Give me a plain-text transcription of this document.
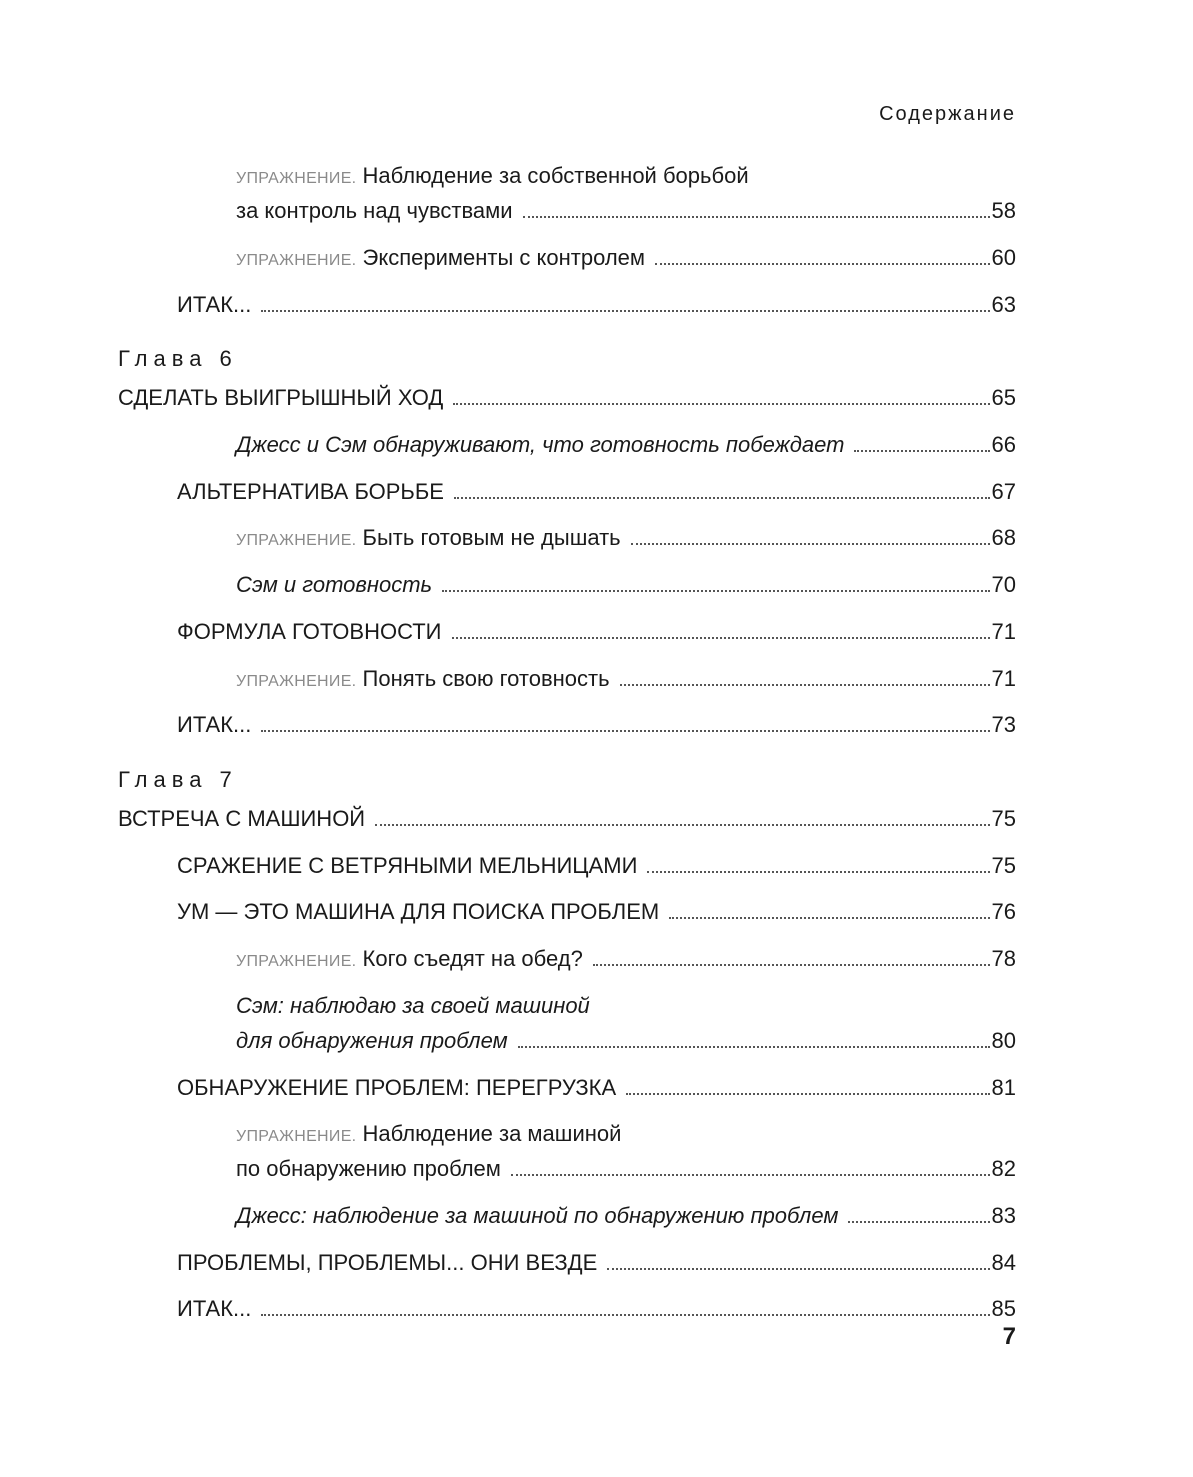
Содержание
УПРАЖНЕНИЕ. Наблюдение за собственной борьбой
за контроль над чувствами	58
УПРАЖНЕНИЕ. Эксперименты с контролем	60
ИТАК...	63
Глава 6
СДЕЛАТЬ ВЫИГРЫШНЫЙ ХОД	65
Джесс и Сэм обнаруживают, что готовность побеждает	66
АЛЬТЕРНАТИВА БОРЬБЕ	67
УПРАЖНЕНИЕ. Быть готовым не дышать	68
Сэм и готовность	70
ФОРМУЛА ГОТОВНОСТИ	71
УПРАЖНЕНИЕ. Понять свою готовность	71
ИТАК...	73
Глава 7
ВСТРЕЧА С МАШИНОЙ	75
СРАЖЕНИЕ С ВЕТРЯНЫМИ МЕЛЬНИЦАМИ	75
УМ — ЭТО МАШИНА ДЛЯ ПОИСКА ПРОБЛЕМ	76
УПРАЖНЕНИЕ. Кого съедят на обед?	78
Сэм: наблюдаю за своей машиной
для обнаружения проблем	80
ОБНАРУЖЕНИЕ ПРОБЛЕМ: ПЕРЕГРУЗКА	81
УПРАЖНЕНИЕ. Наблюдение за машиной
по обнаружению проблем	82
Джесс: наблюдение за машиной по обнаружению проблем	83
ПРОБЛЕМЫ, ПРОБЛЕМЫ... ОНИ ВЕЗДЕ	84
ИТАК...	85
7
